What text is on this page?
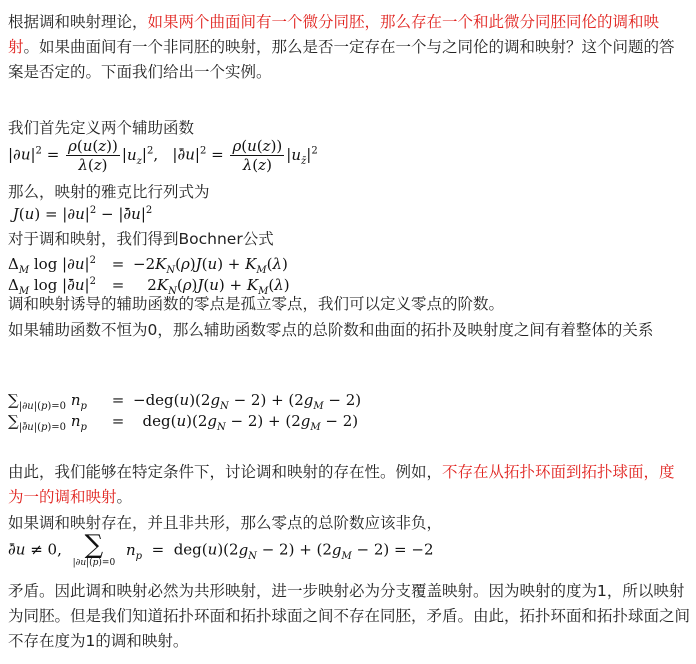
根据调和映射理论，如果两个曲面间有一个微分同胚，那么存在一个和此微分同胚同伦的调和映射。如果曲面间有一个非同胚的映射，那么是否一定存在一个与之同伦的调和映射？这个问题的答案是否定的。下面我们给出一个实例。

我们首先定义两个辅助函数

$|\partial u|^2 = \frac{\rho(u(z))}{\lambda(z)} |u_z|^2$,   $|\partial̄u|^2 = \frac{\rho(u(z))}{\lambda(z)} |u_{z̄}|^2$

那么，映射的雅克比行列式为

$J(u) = |\partial u|^2$ − $|\partial̄u|^2$

对于调和映射，我们得到Bochner公式

$\Delta_M$ $\log |\partial u|^2 = -2K_N(\rho)J(u) + K_M(\lambda)$
$\Delta_M$ $\log |\partial̄u|^2 = 2K_N(\rho)J(u) + K_M(\lambda)$

调和映射诱导的辅助函数的零点是孤立零点，我们可以定义零点的阶数。

如果辅助函数不恒为0，那么辅助函数零点的总阶数和曲面的拓扑及映射度之间有着整体的关系

$\sum_{|\partial u|(p)=0}$ $n_p = -deg(u)(2g_N - 2) + (2g_M - 2)$
$\sum_{|\partial̄u|(p)=0}$ $n_p = deg(u)(2g_N - 2) + (2g_M - 2)$

由此，我们能够在特定条件下，讨论调和映射的存在性。例如，不存在从拓扑环面到拓扑球面，度为一的调和映射。

如果调和映射存在，并且非共形，那么零点的总阶数应该非负，

∂̄u ≠ 0, ∑
|∂u|(p)=0
$n_p = deg(u)(2g_N - 2) + (2g_M - 2) = -2$

矛盾。因此调和映射必然为共形映射，进一步映射必为分支覆盖映射。因为映射的度为1，所以映射为同胚。但是我们知道拓扑环面和拓扑球面之间不存在同胚，矛盾。由此，拓扑环面和拓扑球面之间不存在度为1的调和映射。
